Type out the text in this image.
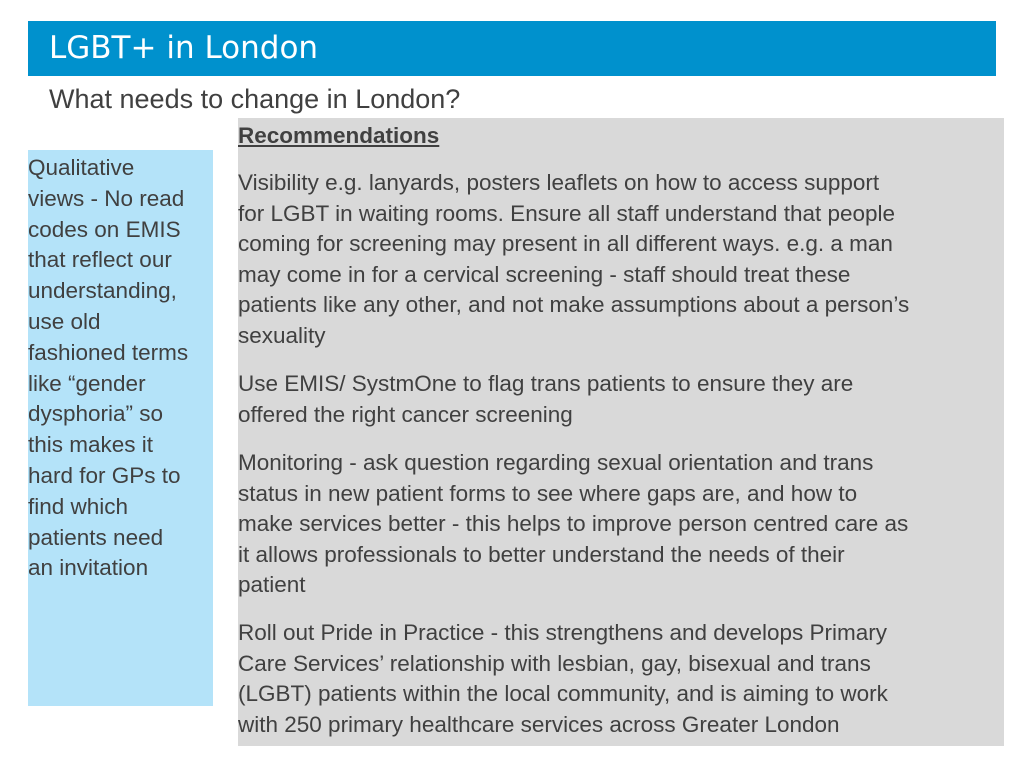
LGBT+ in London
What needs to change in London?
Qualitative
views - No read
codes on EMIS
that reflect our
understanding,
use old
fashioned terms
like “gender
dysphoria” so
this makes it
hard for GPs to
find which
patients need
an invitation
Recommendations
Visibility e.g. lanyards, posters leaflets on how to access support
for LGBT in waiting rooms. Ensure all staff understand that people
coming for screening may present in all different ways. e.g. a man
may come in for a cervical screening - staff should treat these
patients like any other, and not make assumptions about a person’s
sexuality
Use EMIS/ SystmOne to flag trans patients to ensure they are
offered the right cancer screening
Monitoring - ask question regarding sexual orientation and trans
status in new patient forms to see where gaps are, and how to
make services better - this helps to improve person centred care as
it allows professionals to better understand the needs of their
patient
Roll out Pride in Practice - this strengthens and develops Primary
Care Services’ relationship with lesbian, gay, bisexual and trans
(LGBT) patients within the local community, and is aiming to work
with 250 primary healthcare services across Greater London
